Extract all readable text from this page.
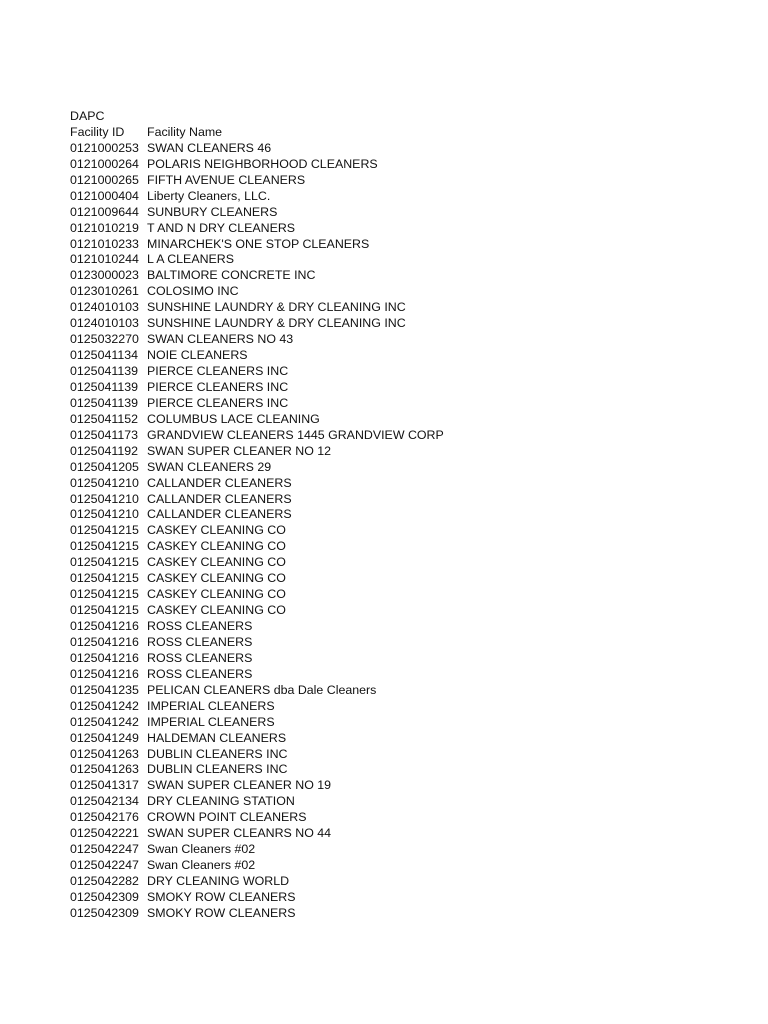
DAPC
Facility ID	Facility Name
0121000253 SWAN CLEANERS 46
0121000264 POLARIS NEIGHBORHOOD CLEANERS
0121000265 FIFTH AVENUE CLEANERS
0121000404 Liberty Cleaners, LLC.
0121009644 SUNBURY CLEANERS
0121010219 T AND N DRY CLEANERS
0121010233 MINARCHEK'S ONE STOP CLEANERS
0121010244 L A CLEANERS
0123000023 BALTIMORE CONCRETE INC
0123010261 COLOSIMO INC
0124010103 SUNSHINE LAUNDRY & DRY CLEANING INC
0124010103 SUNSHINE LAUNDRY & DRY CLEANING INC
0125032270 SWAN CLEANERS NO 43
0125041134 NOIE CLEANERS
0125041139 PIERCE CLEANERS INC
0125041139 PIERCE CLEANERS INC
0125041139 PIERCE CLEANERS INC
0125041152 COLUMBUS LACE CLEANING
0125041173 GRANDVIEW CLEANERS 1445 GRANDVIEW CORP
0125041192 SWAN SUPER CLEANER NO 12
0125041205 SWAN CLEANERS 29
0125041210 CALLANDER CLEANERS
0125041210 CALLANDER CLEANERS
0125041210 CALLANDER CLEANERS
0125041215 CASKEY CLEANING CO
0125041215 CASKEY CLEANING CO
0125041215 CASKEY CLEANING CO
0125041215 CASKEY CLEANING CO
0125041215 CASKEY CLEANING CO
0125041215 CASKEY CLEANING CO
0125041216 ROSS CLEANERS
0125041216 ROSS CLEANERS
0125041216 ROSS CLEANERS
0125041216 ROSS CLEANERS
0125041235 PELICAN CLEANERS dba Dale Cleaners
0125041242 IMPERIAL CLEANERS
0125041242 IMPERIAL CLEANERS
0125041249 HALDEMAN CLEANERS
0125041263 DUBLIN CLEANERS INC
0125041263 DUBLIN CLEANERS INC
0125041317 SWAN SUPER CLEANER NO 19
0125042134 DRY CLEANING STATION
0125042176 CROWN POINT CLEANERS
0125042221 SWAN SUPER CLEANRS NO 44
0125042247 Swan Cleaners #02
0125042247 Swan Cleaners #02
0125042282 DRY CLEANING WORLD
0125042309 SMOKY ROW CLEANERS
0125042309 SMOKY ROW CLEANERS
